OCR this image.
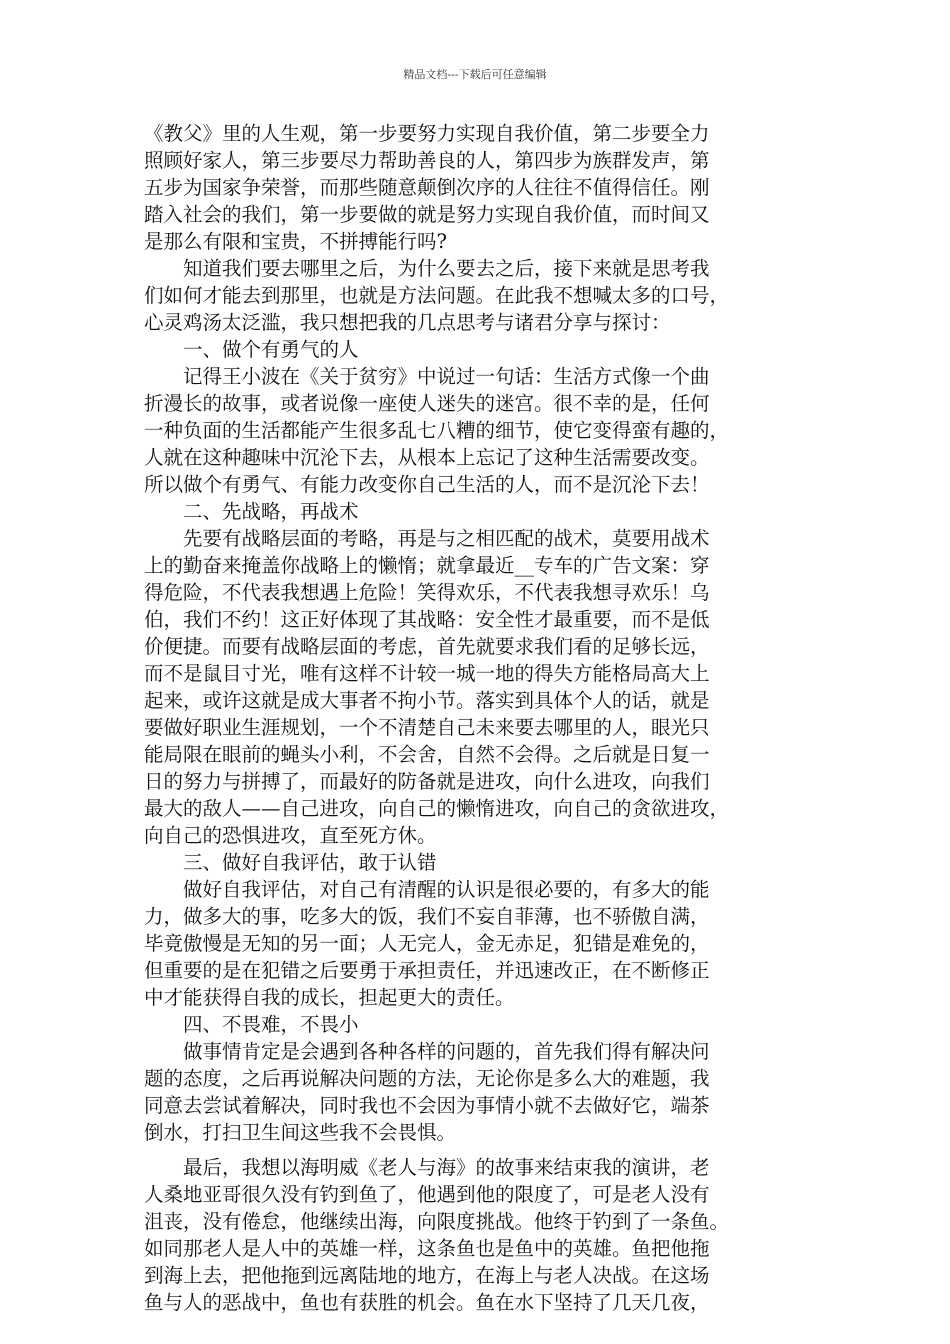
精品文档---下载后可任意编辑
《教父》里的人生观，第一步要努力实现自我价值，第二步要全力
照顾好家人，第三步要尽力帮助善良的人，第四步为族群发声，第
五步为国家争荣誉，而那些随意颠倒次序的人往往不值得信任。刚
踏入社会的我们，第一步要做的就是努力实现自我价值，而时间又
是那么有限和宝贵，不拼搏能行吗?
　　知道我们要去哪里之后，为什么要去之后，接下来就是思考我
们如何才能去到那里，也就是方法问题。在此我不想喊太多的口号，
心灵鸡汤太泛滥，我只想把我的几点思考与诸君分享与探讨：
　　一、做个有勇气的人
　　记得王小波在《关于贫穷》中说过一句话：生活方式像一个曲
折漫长的故事，或者说像一座使人迷失的迷宫。很不幸的是，任何
一种负面的生活都能产生很多乱七八糟的细节，使它变得蛮有趣的，
人就在这种趣味中沉沦下去，从根本上忘记了这种生活需要改变。
所以做个有勇气、有能力改变你自己生活的人，而不是沉沦下去！
　　二、先战略，再战术
　　先要有战略层面的考略，再是与之相匹配的战术，莫要用战术
上的勤奋来掩盖你战略上的懒惰；就拿最近__专车的广告文案：穿
得危险，不代表我想遇上危险！笑得欢乐，不代表我想寻欢乐！乌
伯，我们不约！这正好体现了其战略：安全性才最重要，而不是低
价便捷。而要有战略层面的考虑，首先就要求我们看的足够长远，
而不是鼠目寸光，唯有这样不计较一城一地的得失方能格局高大上
起来，或许这就是成大事者不拘小节。落实到具体个人的话，就是
要做好职业生涯规划，一个不清楚自己未来要去哪里的人，眼光只
能局限在眼前的蝇头小利，不会舍，自然不会得。之后就是日复一
日的努力与拼搏了，而最好的防备就是进攻，向什么进攻，向我们
最大的敌人——自己进攻，向自己的懒惰进攻，向自己的贪欲进攻，
向自己的恐惧进攻，直至死方休。
　　三、做好自我评估，敢于认错
　　做好自我评估，对自己有清醒的认识是很必要的，有多大的能
力，做多大的事，吃多大的饭，我们不妄自菲薄，也不骄傲自满，
毕竟傲慢是无知的另一面；人无完人，金无赤足，犯错是难免的，
但重要的是在犯错之后要勇于承担责任，并迅速改正，在不断修正
中才能获得自我的成长，担起更大的责任。
　　四、不畏难，不畏小
　　做事情肯定是会遇到各种各样的问题的，首先我们得有解决问
题的态度，之后再说解决问题的方法，无论你是多么大的难题，我
同意去尝试着解决，同时我也不会因为事情小就不去做好它，端茶
倒水，打扫卫生间这些我不会畏惧。
　　最后，我想以海明威《老人与海》的故事来结束我的演讲，老
人桑地亚哥很久没有钓到鱼了，他遇到他的限度了，可是老人没有
沮丧，没有倦怠，他继续出海，向限度挑战。他终于钓到了一条鱼。
如同那老人是人中的英雄一样，这条鱼也是鱼中的英雄。鱼把他拖
到海上去，把他拖到远离陆地的地方，在海上与老人决战。在这场
鱼与人的恶战中，鱼也有获胜的机会。鱼在水下坚持了几天几夜，
